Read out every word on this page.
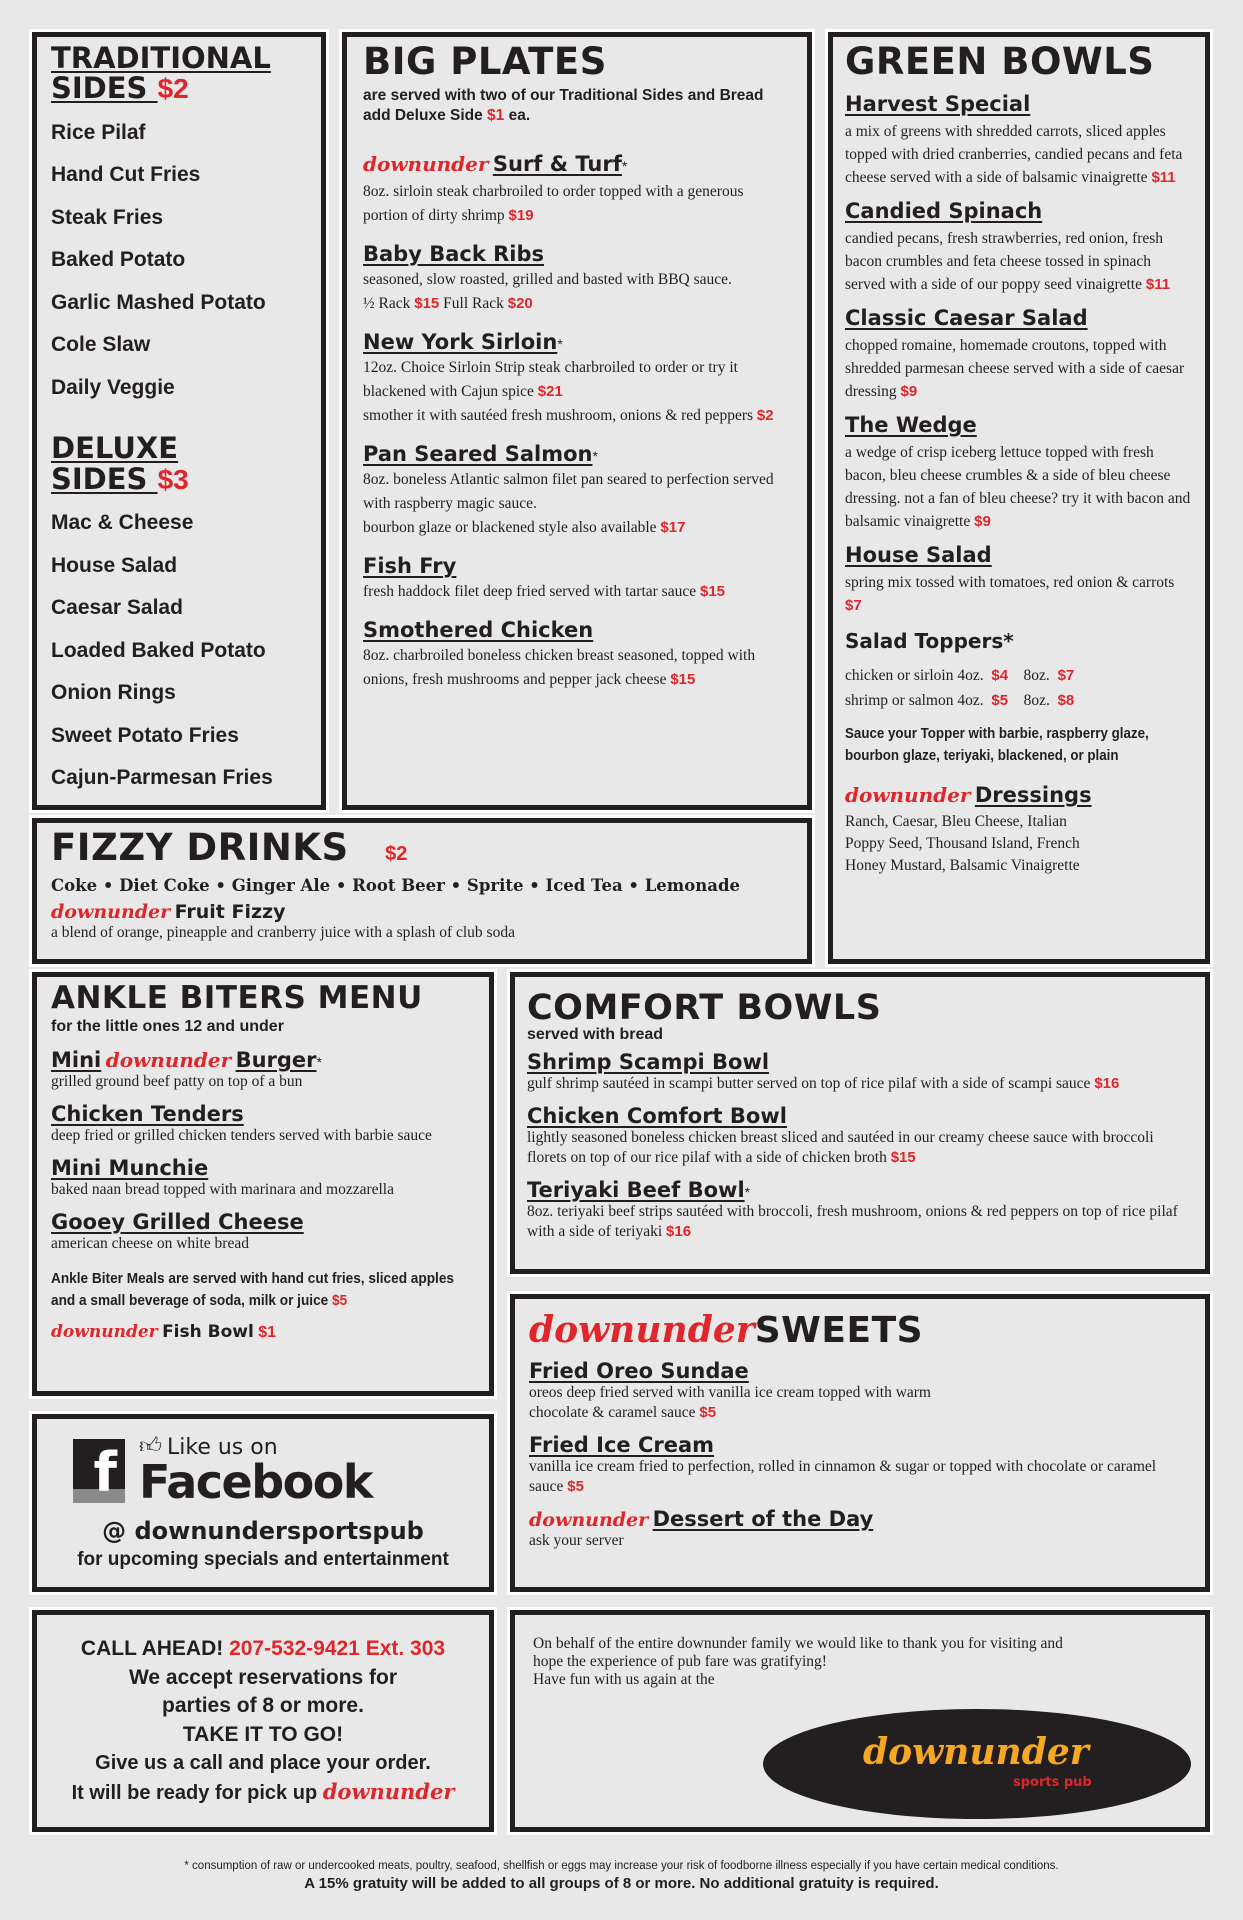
TRADITIONAL
SIDES $2
Rice Pilaf
Hand Cut Fries
Steak Fries
Baked Potato
Garlic Mashed Potato
Cole Slaw
Daily Veggie
DELUXE
SIDES $3
Mac & Cheese
House Salad
Caesar Salad
Loaded Baked Potato
Onion Rings
Sweet Potato Fries
Cajun-Parmesan Fries
BIG PLATES
are served with two of our Traditional Sides and Bread
add Deluxe Side $1 ea.
downunder Surf & Turf*
8oz. sirloin steak charbroiled to order topped with a generous portion of dirty shrimp $19
Baby Back Ribs
seasoned, slow roasted, grilled and basted with BBQ sauce.
½ Rack $15 Full Rack $20
New York Sirloin*
12oz. Choice Sirloin Strip steak charbroiled to order or try it blackened with Cajun spice $21
smother it with sautéed fresh mushroom, onions & red peppers $2
Pan Seared Salmon*
8oz. boneless Atlantic salmon filet pan seared to perfection served with raspberry magic sauce.
bourbon glaze or blackened style also available $17
Fish Fry
fresh haddock filet deep fried served with tartar sauce $15
Smothered Chicken
8oz. charbroiled boneless chicken breast seasoned, topped with onions, fresh mushrooms and pepper jack cheese $15
GREEN BOWLS
Harvest Special
a mix of greens with shredded carrots, sliced apples topped with dried cranberries, candied pecans and feta cheese served with a side of balsamic vinaigrette $11
Candied Spinach
candied pecans, fresh strawberries, red onion, fresh bacon crumbles and feta cheese tossed in spinach served with a side of our poppy seed vinaigrette $11
Classic Caesar Salad
chopped romaine, homemade croutons, topped with shredded parmesan cheese served with a side of caesar dressing $9
The Wedge
a wedge of crisp iceberg lettuce topped with fresh bacon, bleu cheese crumbles & a side of bleu cheese dressing. not a fan of bleu cheese? try it with bacon and balsamic vinaigrette $9
House Salad
spring mix tossed with tomatoes, red onion & carrots $7
Salad Toppers*
chicken or sirloin 4oz. $4 8oz. $7
shrimp or salmon 4oz. $5 8oz. $8
Sauce your Topper with barbie, raspberry glaze, bourbon glaze, teriyaki, blackened, or plain
downunder Dressings
Ranch, Caesar, Bleu Cheese, Italian
Poppy Seed, Thousand Island, French
Honey Mustard, Balsamic Vinaigrette
FIZZY DRINKS $2
Coke • Diet Coke • Ginger Ale • Root Beer • Sprite • Iced Tea • Lemonade
downunder Fruit Fizzy
a blend of orange, pineapple and cranberry juice with a splash of club soda
ANKLE BITERS MENU
for the little ones 12 and under
Mini downunder Burger*
grilled ground beef patty on top of a bun
Chicken Tenders
deep fried or grilled chicken tenders served with barbie sauce
Mini Munchie
baked naan bread topped with marinara and mozzarella
Gooey Grilled Cheese
american cheese on white bread
Ankle Biter Meals are served with hand cut fries, sliced apples and a small beverage of soda, milk or juice $5
downunder Fish Bowl $1
COMFORT BOWLS
served with bread
Shrimp Scampi Bowl
gulf shrimp sautéed in scampi butter served on top of rice pilaf with a side of scampi sauce $16
Chicken Comfort Bowl
lightly seasoned boneless chicken breast sliced and sautéed in our creamy cheese sauce with broccoli florets on top of our rice pilaf with a side of chicken broth $15
Teriyaki Beef Bowl*
8oz. teriyaki beef strips sautéed with broccoli, fresh mushroom, onions & red peppers on top of rice pilaf with a side of teriyaki $16
f 👍︎ Like us on
Facebook
@ downundersportspub
for upcoming specials and entertainment
downunderSWEETS
Fried Oreo Sundae
oreos deep fried served with vanilla ice cream topped with warm chocolate & caramel sauce $5
Fried Ice Cream
vanilla ice cream fried to perfection, rolled in cinnamon & sugar or topped with chocolate or caramel sauce $5
downunder Dessert of the Day
ask your server
CALL AHEAD! 207-532-9421 Ext. 303
We accept reservations for
parties of 8 or more.
TAKE IT TO GO!
Give us a call and place your order.
It will be ready for pick up downunder
On behalf of the entire downunder family we would like to thank you for visiting and
hope the experience of pub fare was gratifying!
Have fun with us again at the
downunder
sports pub
* consumption of raw or undercooked meats, poultry, seafood, shellfish or eggs may increase your risk of foodborne illness especially if you have certain medical conditions.
A 15% gratuity will be added to all groups of 8 or more. No additional gratuity is required.
